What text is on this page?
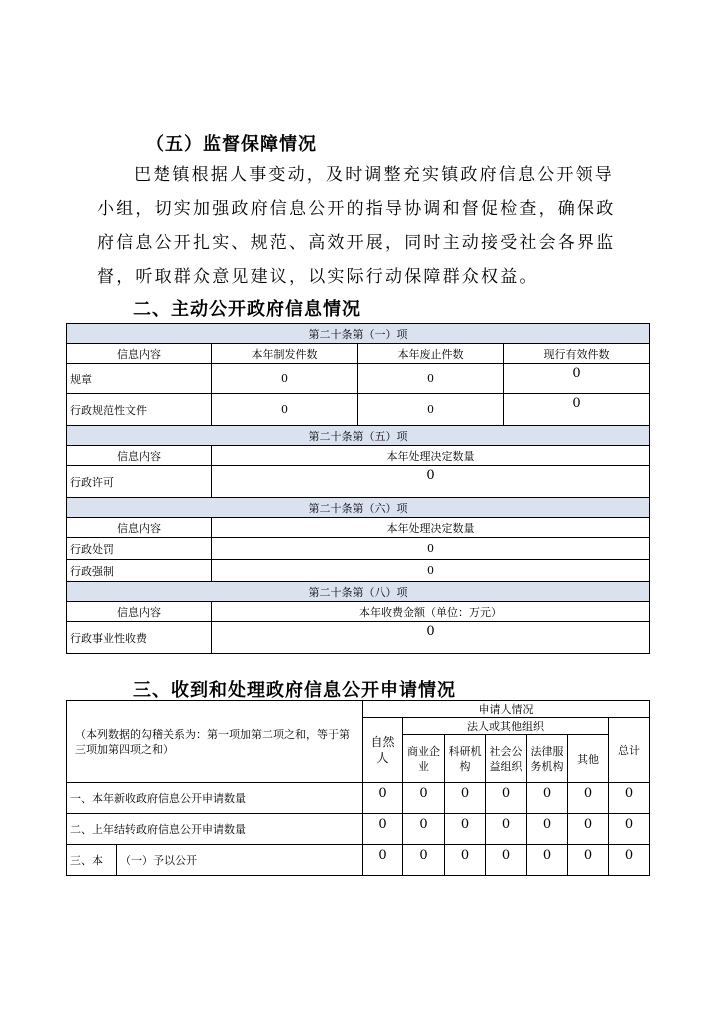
（五）监督保障情况
巴楚镇根据人事变动，及时调整充实镇政府信息公开领导
小组，切实加强政府信息公开的指导协调和督促检查，确保政
府信息公开扎实、规范、高效开展，同时主动接受社会各界监
督，听取群众意见建议，以实际行动保障群众权益。
二、主动公开政府信息情况
第二十条第（一）项			
信息内容	本年制发件数	本年废止件数	现行有效件数
规章	0	0	0
行政规范性文件	0	0	0
第二十条第（五）项			
信息内容	本年处理决定数量		
行政许可	0		
第二十条第（六）项			
信息内容	本年处理决定数量		
行政处罚	0		
行政强制	0		
第二十条第（八）项			
信息内容	本年收费金额（单位：万元）		
行政事业性收费	0		
三、收到和处理政府信息公开申请情况
（本列数据的勾稽关系为：第一项加第二项之和，等于第三项加第四项之和）		申请人情况						
		自然人	法人或其他组织					总计
			商业企业	科研机构	社会公益组织	法律服务机构	其他	
一、本年新收政府信息公开申请数量		0	0	0	0	0	0	0
二、上年结转政府信息公开申请数量		0	0	0	0	0	0	0
三、本	（一）予以公开	0	0	0	0	0	0	0
